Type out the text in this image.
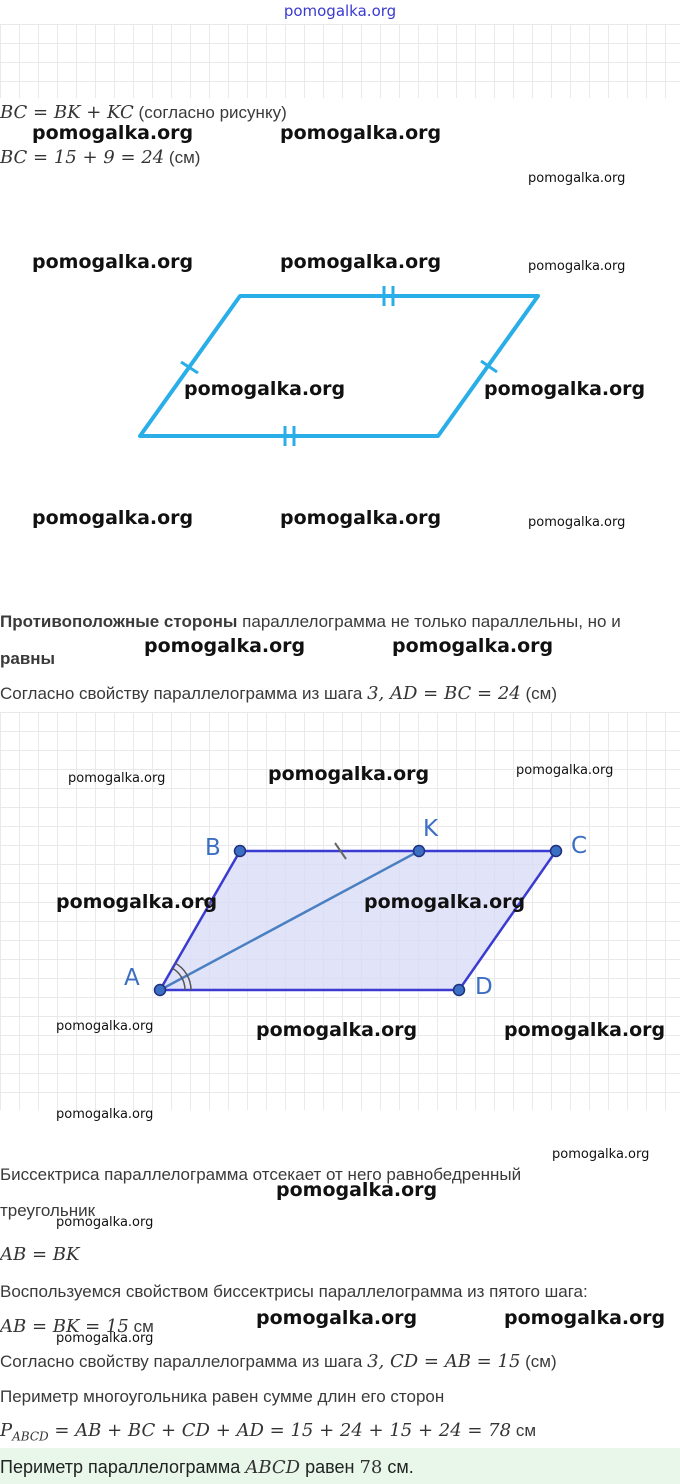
pomogalka.org
BC = BK + KC (согласно рисунку)
BC = 15 + 9 = 24 (см)
Противоположные стороны параллелограмма не только параллельны, но и
равны
Согласно свойству параллелограмма из шага 3, AD = BC = 24 (см)
A
B
K
C
D
Биссектриса параллелограмма отсекает от него равнобедренный
треугольник
AB = BK
Воспользуемся свойством биссектрисы параллелограмма из пятого шага:
AB = BK = 15 см
Согласно свойству параллелограмма из шага 3, CD = AB = 15 (см)
Периметр многоугольника равен сумме длин его сторон
$P_{ABCD}$ = AB + BC + CD + AD = 15 + 24 + 15 + 24 = 78 см
Периметр параллелограмма ABCD равен 78 см.
pomogalka.org	pomogalka.org
pomogalka.org
pomogalka.org	pomogalka.org	pomogalka.org
pomogalka.org	pomogalka.org
pomogalka.org	pomogalka.org	pomogalka.org
pomogalka.org	pomogalka.org
pomogalka.org	pomogalka.org	pomogalka.org
pomogalka.org	pomogalka.org
pomogalka.org	pomogalka.org	pomogalka.org
pomogalka.org
pomogalka.org
pomogalka.org
pomogalka.org
pomogalka.org	pomogalka.org
pomogalka.org
